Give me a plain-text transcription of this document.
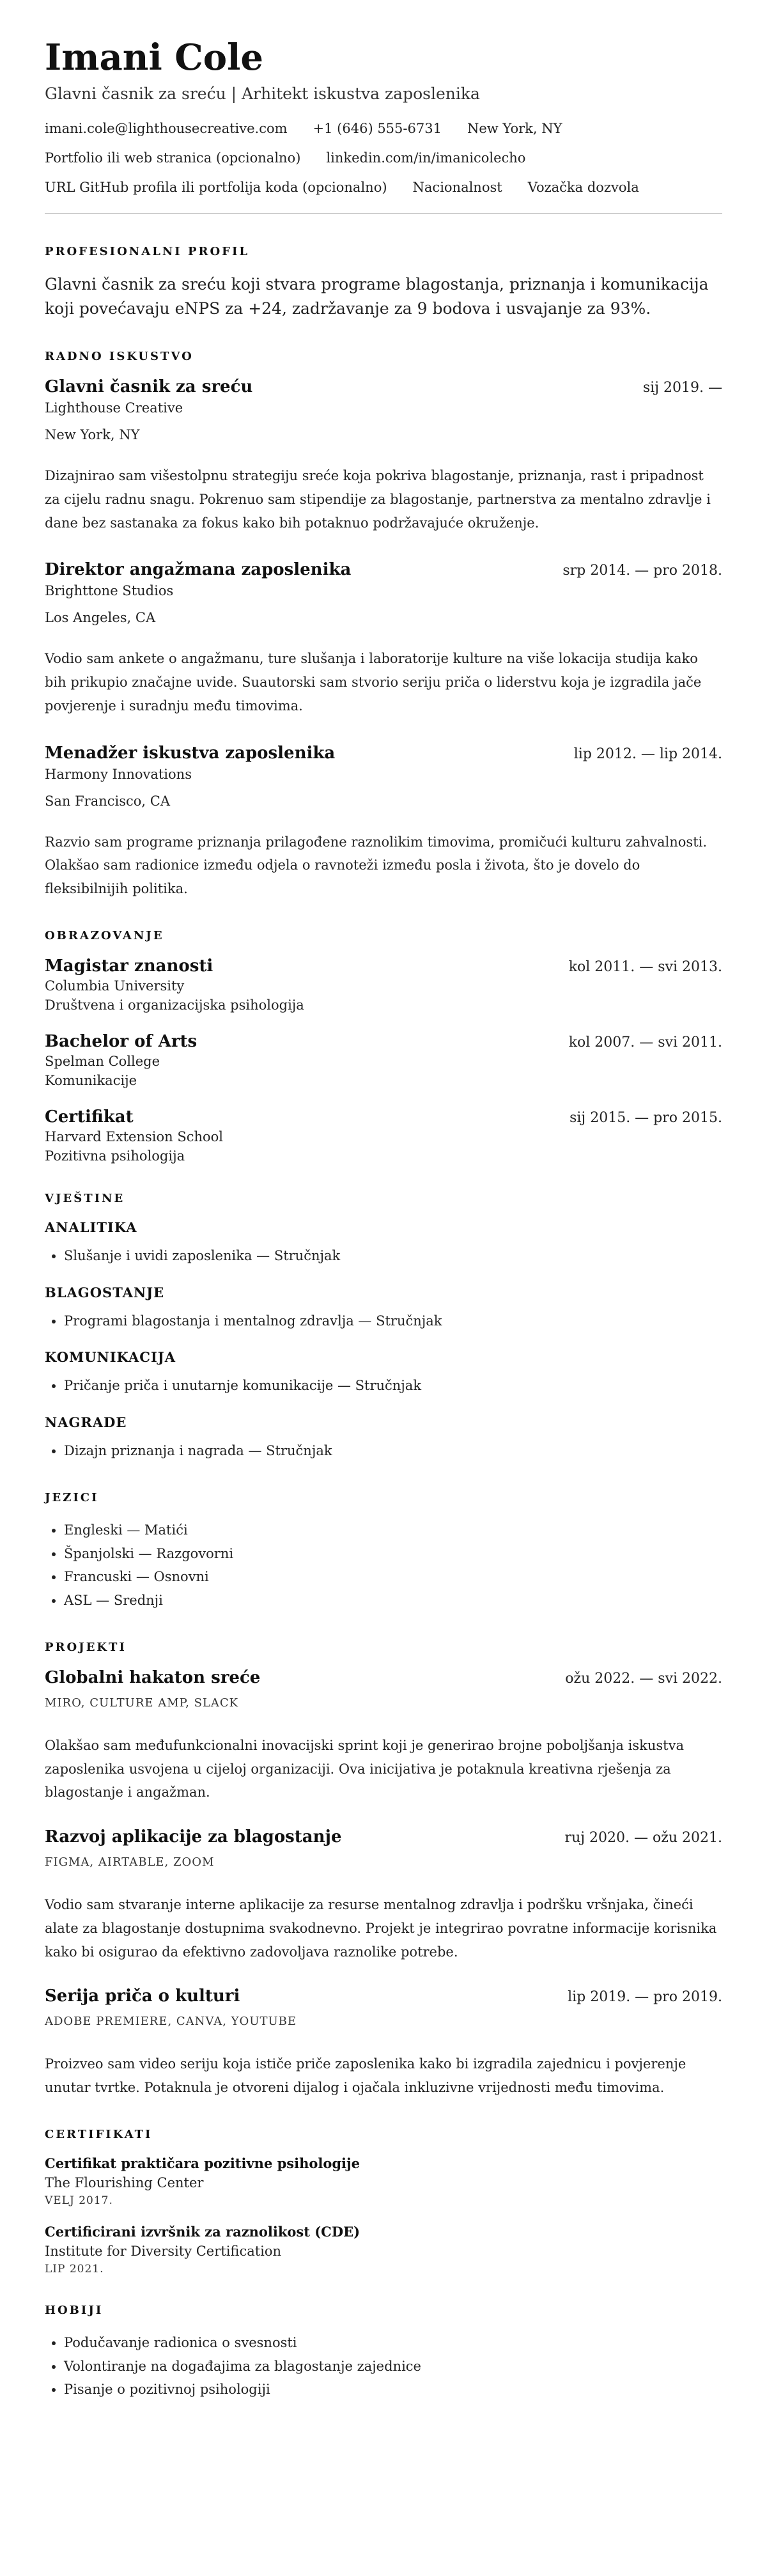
Imani Cole
Glavni časnik za sreću | Arhitekt iskustva zaposlenika
imani.cole@lighthousecreative.com +1 (646) 555-6731 New York, NY
Portfolio ili web stranica (opcionalno) linkedin.com/in/imanicolecho
URL GitHub profila ili portfolija koda (opcionalno) Nacionalnost Vozačka dozvola
PROFESIONALNI PROFIL
Glavni časnik za sreću koji stvara programe blagostanja, priznanja i komunikacija koji povećavaju eNPS za +24, zadržavanje za 9 bodova i usvajanje za 93%.
RADNO ISKUSTVO
Glavni časnik za sreću	sij 2019. —
Lighthouse Creative
New York, NY
Dizajnirao sam višestolpnu strategiju sreće koja pokriva blagostanje, priznanja, rast i pripadnost za cijelu radnu snagu. Pokrenuo sam stipendije za blagostanje, partnerstva za mentalno zdravlje i dane bez sastanaka za fokus kako bih potaknuo podržavajuće okruženje.
Direktor angažmana zaposlenika	srp 2014. — pro 2018.
Brighttone Studios
Los Angeles, CA
Vodio sam ankete o angažmanu, ture slušanja i laboratorije kulture na više lokacija studija kako bih prikupio značajne uvide. Suautorski sam stvorio seriju priča o liderstvu koja je izgradila jače povjerenje i suradnju među timovima.
Menadžer iskustva zaposlenika	lip 2012. — lip 2014.
Harmony Innovations
San Francisco, CA
Razvio sam programe priznanja prilagođene raznolikim timovima, promičući kulturu zahvalnosti. Olakšao sam radionice između odjela o ravnoteži između posla i života, što je dovelo do fleksibilnijih politika.
OBRAZOVANJE
Magistar znanosti	kol 2011. — svi 2013.
Columbia University
Društvena i organizacijska psihologija
Bachelor of Arts	kol 2007. — svi 2011.
Spelman College
Komunikacije
Certifikat	sij 2015. — pro 2015.
Harvard Extension School
Pozitivna psihologija
VJEŠTINE
ANALITIKA
• Slušanje i uvidi zaposlenika — Stručnjak
BLAGOSTANJE
• Programi blagostanja i mentalnog zdravlja — Stručnjak
KOMUNIKACIJA
• Pričanje priča i unutarnje komunikacije — Stručnjak
NAGRADE
• Dizajn priznanja i nagrada — Stručnjak
JEZICI
• Engleski — Matići
• Španjolski — Razgovorni
• Francuski — Osnovni
• ASL — Srednji
PROJEKTI
Globalni hakaton sreće	ožu 2022. — svi 2022.
MIRO, CULTURE AMP, SLACK
Olakšao sam međufunkcionalni inovacijski sprint koji je generirao brojne poboljšanja iskustva zaposlenika usvojena u cijeloj organizaciji. Ova inicijativa je potaknula kreativna rješenja za blagostanje i angažman.
Razvoj aplikacije za blagostanje	ruj 2020. — ožu 2021.
FIGMA, AIRTABLE, ZOOM
Vodio sam stvaranje interne aplikacije za resurse mentalnog zdravlja i podršku vršnjaka, čineći alate za blagostanje dostupnima svakodnevno. Projekt je integrirao povratne informacije korisnika kako bi osigurao da efektivno zadovoljava raznolike potrebe.
Serija priča o kulturi	lip 2019. — pro 2019.
ADOBE PREMIERE, CANVA, YOUTUBE
Proizveo sam video seriju koja ističe priče zaposlenika kako bi izgradila zajednicu i povjerenje unutar tvrtke. Potaknula je otvoreni dijalog i ojačala inkluzivne vrijednosti među timovima.
CERTIFIKATI
Certifikat praktičara pozitivne psihologije
The Flourishing Center
VELJ 2017.
Certificirani izvršnik za raznolikost (CDE)
Institute for Diversity Certification
LIP 2021.
HOBIJI
• Podučavanje radionica o svesnosti
• Volontiranje na događajima za blagostanje zajednice
• Pisanje o pozitivnoj psihologiji
